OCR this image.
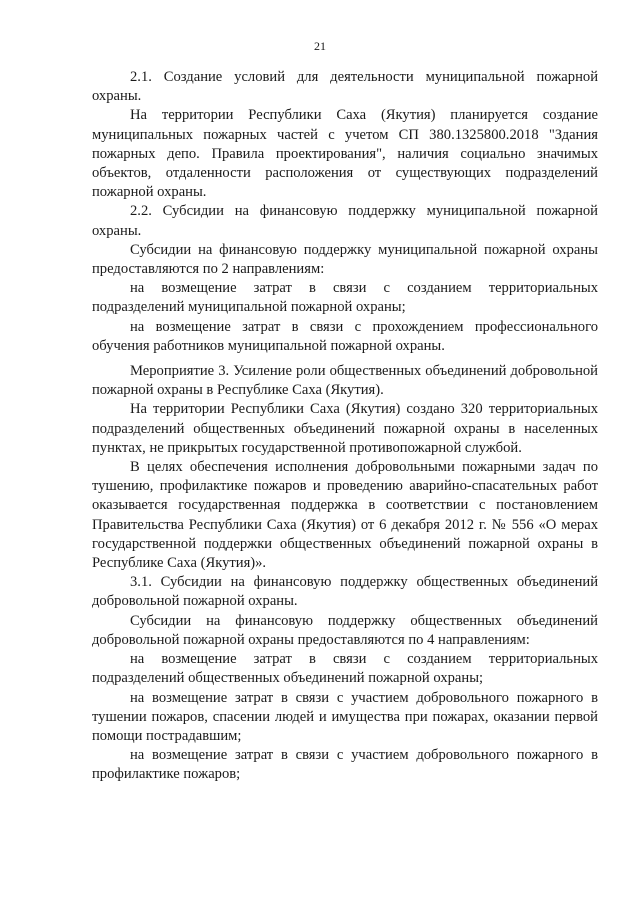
21

2.1. Создание условий для деятельности муниципальной пожарной охраны.

На территории Республики Саха (Якутия) планируется создание муниципальных пожарных частей с учетом СП 380.1325800.2018 "Здания пожарных депо. Правила проектирования", наличия социально значимых объектов, отдаленности расположения от существующих подразделений пожарной охраны.

2.2. Субсидии на финансовую поддержку муниципальной пожарной охраны.

Субсидии на финансовую поддержку муниципальной пожарной охраны предоставляются по 2 направлениям:

на возмещение затрат в связи с созданием территориальных подразделений муниципальной пожарной охраны;

на возмещение затрат в связи с прохождением профессионального обучения работников муниципальной пожарной охраны.

Мероприятие 3. Усиление роли общественных объединений добровольной пожарной охраны в Республике Саха (Якутия).

На территории Республики Саха (Якутия) создано 320 территориальных подразделений общественных объединений пожарной охраны в населенных пунктах, не прикрытых государственной противопожарной службой.

В целях обеспечения исполнения добровольными пожарными задач по тушению, профилактике пожаров и проведению аварийно-спасательных работ оказывается государственная поддержка в соответствии с постановлением Правительства Республики Саха (Якутия) от 6 декабря 2012 г. № 556 «О мерах государственной поддержки общественных объединений пожарной охраны в Республике Саха (Якутия)».

3.1. Субсидии на финансовую поддержку общественных объединений добровольной пожарной охраны.

Субсидии на финансовую поддержку общественных объединений добровольной пожарной охраны предоставляются по 4 направлениям:

на возмещение затрат в связи с созданием территориальных подразделений общественных объединений пожарной охраны;

на возмещение затрат в связи с участием добровольного пожарного в тушении пожаров, спасении людей и имущества при пожарах, оказании первой помощи пострадавшим;

на возмещение затрат в связи с участием добровольного пожарного в профилактике пожаров;
